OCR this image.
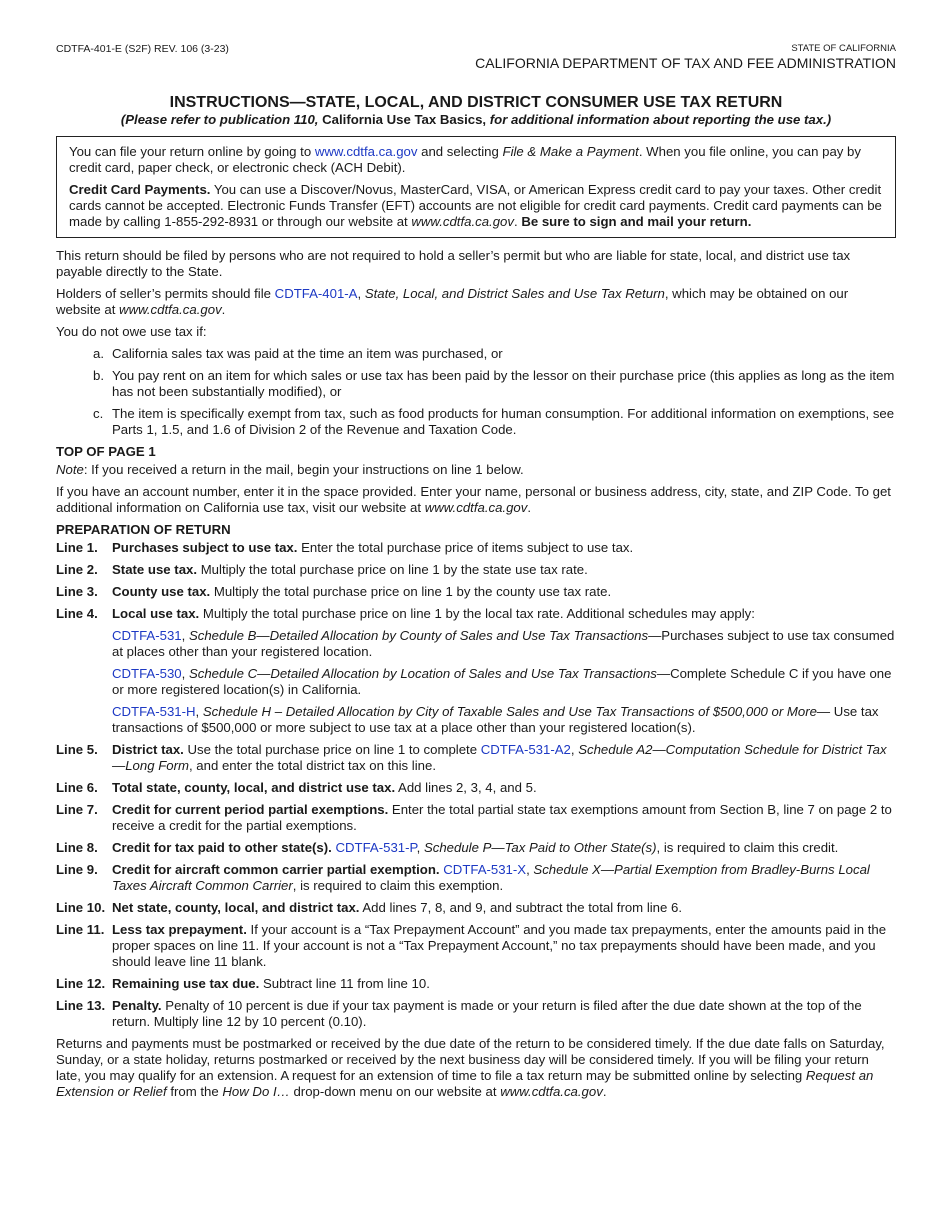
CDTFA-401-E (S2F) REV. 106 (3-23)	STATE OF CALIFORNIA
CALIFORNIA DEPARTMENT OF TAX AND FEE ADMINISTRATION
INSTRUCTIONS—STATE, LOCAL, AND DISTRICT CONSUMER USE TAX RETURN
(Please refer to publication 110, California Use Tax Basics, for additional information about reporting the use tax.)

You can file your return online by going to www.cdtfa.ca.gov and selecting File & Make a Payment. When you file online, you can pay by credit card, paper check, or electronic check (ACH Debit).

Credit Card Payments. You can use a Discover/Novus, MasterCard, VISA, or American Express credit card to pay your taxes. Other credit cards cannot be accepted. Electronic Funds Transfer (EFT) accounts are not eligible for credit card payments. Credit card payments can be made by calling 1-855-292-8931 or through our website at www.cdtfa.ca.gov. Be sure to sign and mail your return.

This return should be filed by persons who are not required to hold a seller’s permit but who are liable for state, local, and district use tax payable directly to the State.

Holders of seller’s permits should file CDTFA-401-A, State, Local, and District Sales and Use Tax Return, which may be obtained on our website at www.cdtfa.ca.gov.

You do not owe use tax if:

a. California sales tax was paid at the time an item was purchased, or
b. You pay rent on an item for which sales or use tax has been paid by the lessor on their purchase price (this applies as long as the item has not been substantially modified), or
c. The item is specifically exempt from tax, such as food products for human consumption. For additional information on exemptions, see Parts 1, 1.5, and 1.6 of Division 2 of the Revenue and Taxation Code.
TOP OF PAGE 1

Note: If you received a return in the mail, begin your instructions on line 1 below.

If you have an account number, enter it in the space provided. Enter your name, personal or business address, city, state, and ZIP Code. To get additional information on California use tax, visit our website at www.cdtfa.ca.gov.

PREPARATION OF RETURN
Line 1.	Purchases subject to use tax. Enter the total purchase price of items subject to use tax.
Line 2.	State use tax. Multiply the total purchase price on line 1 by the state use tax rate.
Line 3.	County use tax. Multiply the total purchase price on line 1 by the county use tax rate.
Line 4.	Local use tax. Multiply the total purchase price on line 1 by the local tax rate. Additional schedules may apply:
CDTFA-531, Schedule B—Detailed Allocation by County of Sales and Use Tax Transactions—Purchases subject to use tax consumed at places other than your registered location.
CDTFA-530, Schedule C—Detailed Allocation by Location of Sales and Use Tax Transactions—Complete Schedule C if you have one or more registered location(s) in California.
CDTFA-531-H, Schedule H – Detailed Allocation by City of Taxable Sales and Use Tax Transactions of $500,000 or More— Use tax transactions of $500,000 or more subject to use tax at a place other than your registered location(s).
Line 5.	District tax. Use the total purchase price on line 1 to complete CDTFA-531-A2, Schedule A2—Computation Schedule for District Tax—Long Form, and enter the total district tax on this line.
Line 6.	Total state, county, local, and district use tax. Add lines 2, 3, 4, and 5.
Line 7.	Credit for current period partial exemptions. Enter the total partial state tax exemptions amount from Section B, line 7 on page 2 to receive a credit for the partial exemptions.
Line 8.	Credit for tax paid to other state(s). CDTFA-531-P, Schedule P—Tax Paid to Other State(s), is required to claim this credit.
Line 9.	Credit for aircraft common carrier partial exemption. CDTFA-531-X, Schedule X—Partial Exemption from Bradley-Burns Local Taxes Aircraft Common Carrier, is required to claim this exemption.
Line 10. Net state, county, local, and district tax. Add lines 7, 8, and 9, and subtract the total from line 6.
Line 11. Less tax prepayment. If your account is a “Tax Prepayment Account” and you made tax prepayments, enter the amounts paid in the proper spaces on line 11. If your account is not a “Tax Prepayment Account,” no tax prepayments should have been made, and you should leave line 11 blank.
Line 12. Remaining use tax due. Subtract line 11 from line 10.
Line 13. Penalty. Penalty of 10 percent is due if your tax payment is made or your return is filed after the due date shown at the top of the return. Multiply line 12 by 10 percent (0.10).

Returns and payments must be postmarked or received by the due date of the return to be considered timely. If the due date falls on Saturday, Sunday, or a state holiday, returns postmarked or received by the next business day will be considered timely. If you will be filing your return late, you may qualify for an extension. A request for an extension of time to file a tax return may be submitted online by selecting Request an Extension or Relief from the How Do I… drop-down menu on our website at www.cdtfa.ca.gov.
